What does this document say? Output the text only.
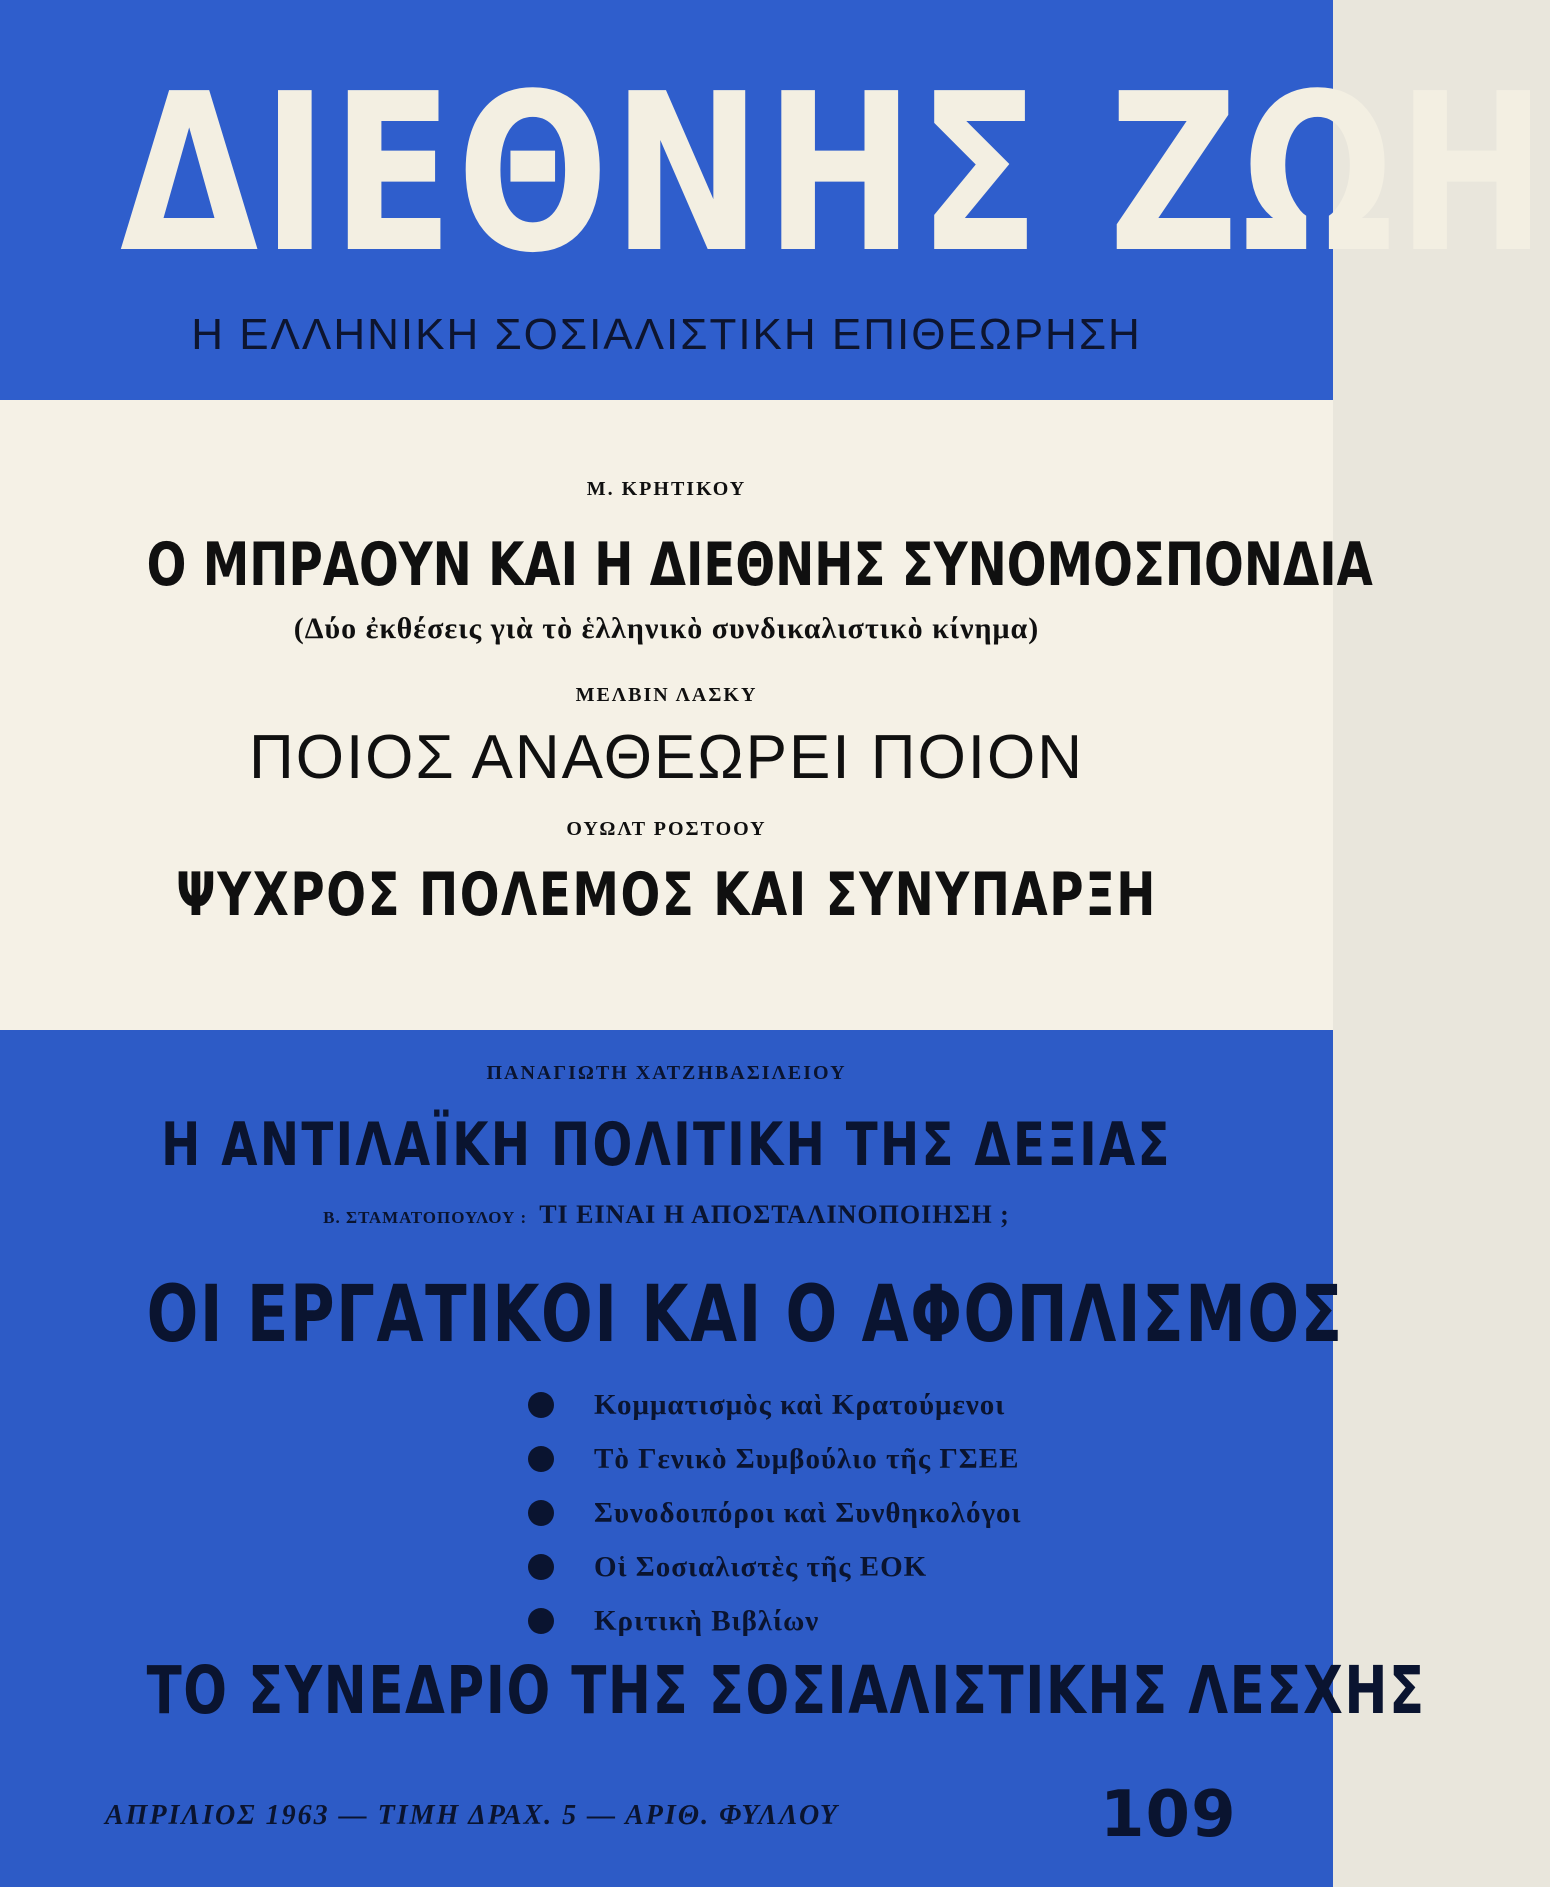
ΔΙΕΘΝΗΣ ΖΩΗ
Η ΕΛΛΗΝΙΚΗ ΣΟΣΙΑΛΙΣΤΙΚΗ ΕΠΙΘΕΩΡΗΣΗ
Μ. ΚΡΗΤΙΚΟΥ
Ο ΜΠΡΑΟΥΝ ΚΑΙ Η ΔΙΕΘΝΗΣ ΣΥΝΟΜΟΣΠΟΝΔΙΑ
(Δύο ἐκθέσεις γιὰ τὸ ἑλληνικὸ συνδικαλιστικὸ κίνημα)
ΜΕΛΒΙΝ ΛΑΣΚΥ
ΠΟΙΟΣ ΑΝΑΘΕΩΡΕΙ ΠΟΙΟΝ
ΟΥΩΛΤ ΡΟΣΤΟΟΥ
ΨΥΧΡΟΣ ΠΟΛΕΜΟΣ ΚΑΙ ΣΥΝΥΠΑΡΞΗ
ΠΑΝΑΓΙΩΤΗ ΧΑΤΖΗΒΑΣΙΛΕΙΟΥ
Η ΑΝΤΙΛΑΪΚΗ ΠΟΛΙΤΙΚΗ ΤΗΣ ΔΕΞΙΑΣ
Β. ΣΤΑΜΑΤΟΠΟΥΛΟΥ : ΤΙ ΕΙΝΑΙ Η ΑΠΟΣΤΑΛΙΝΟΠΟΙΗΣΗ ;
ΟΙ ΕΡΓΑΤΙΚΟΙ ΚΑΙ Ο ΑΦΟΠΛΙΣΜΟΣ
Κομματισμὸς καὶ Κρατούμενοι
Τὸ Γενικὸ Συμβούλιο τῆς ΓΣΕΕ
Συνοδοιπόροι καὶ Συνθηκολόγοι
Οἱ Σοσιαλιστὲς τῆς ΕΟΚ
Κριτικὴ Βιβλίων
ΤΟ ΣΥΝΕΔΡΙΟ ΤΗΣ ΣΟΣΙΑΛΙΣΤΙΚΗΣ ΛΕΣΧΗΣ
ΑΠΡΙΛΙΟΣ 1963 — ΤΙΜΗ ΔΡΑΧ. 5 — ΑΡΙΘ. ΦΥΛΛΟΥ	109
